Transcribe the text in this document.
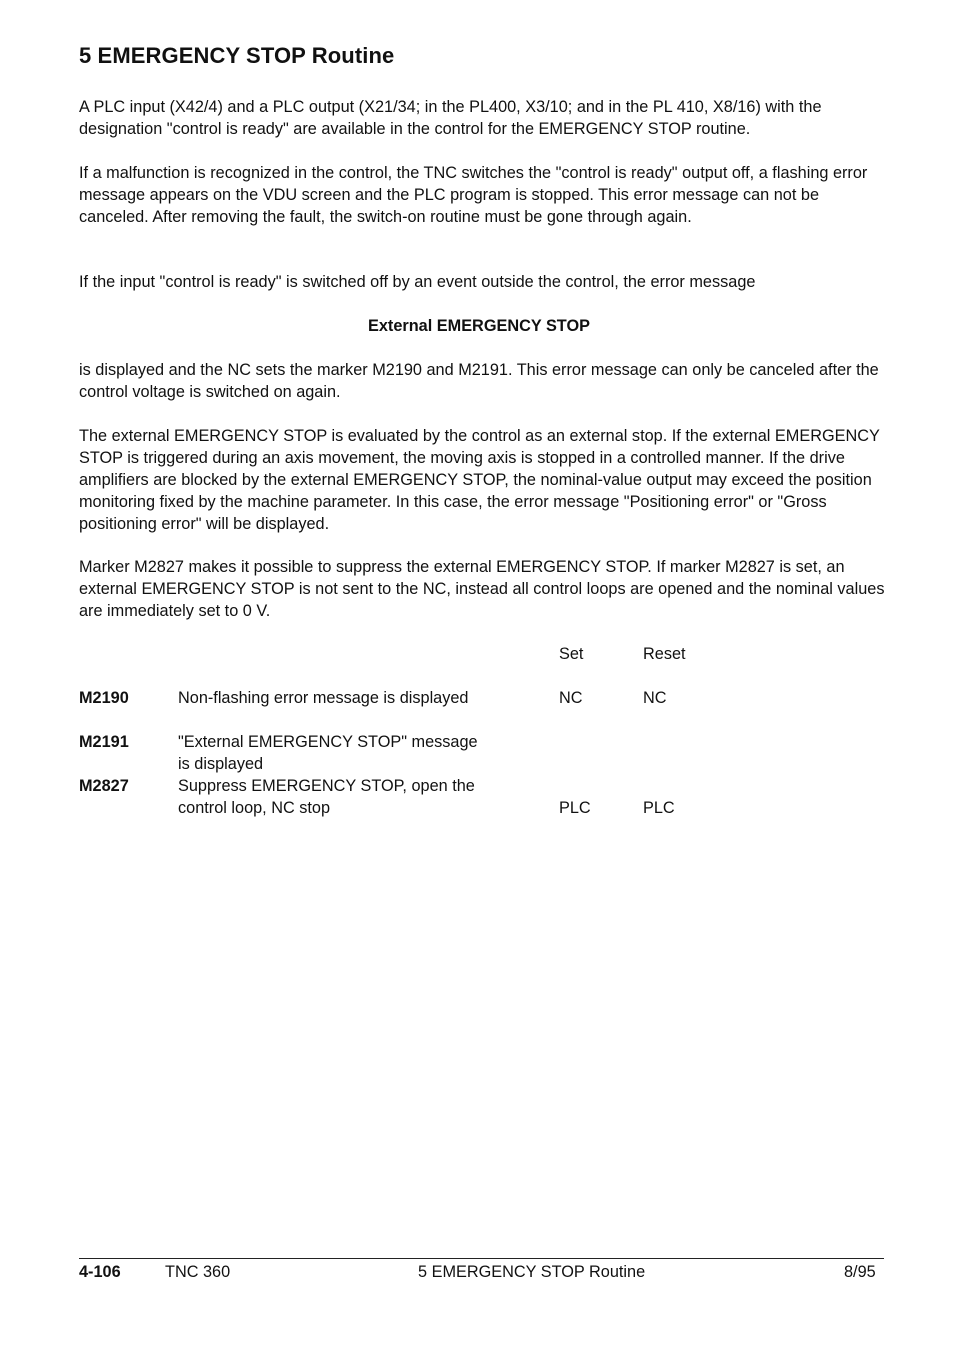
5 EMERGENCY STOP Routine

A PLC input (X42/4) and a PLC output (X21/34; in the PL400, X3/10; and in the PL 410, X8/16) with the designation "control is ready" are available in the control for the EMERGENCY STOP routine.

If a malfunction is recognized in the control, the TNC switches the "control is ready" output off, a flashing error message appears on the VDU screen and the PLC program is stopped. This error message can not be canceled. After removing the fault, the switch-on routine must be gone through again.

If the input "control is ready" is switched off by an event outside the control, the error message

External EMERGENCY STOP

is displayed and the NC sets the marker M2190 and M2191. This error message can only be canceled after the control voltage is switched on again.

The external EMERGENCY STOP is evaluated by the control as an external stop. If the external EMERGENCY STOP is triggered during an axis movement, the moving axis is stopped in a controlled manner. If the drive amplifiers are blocked by the external EMERGENCY STOP, the nominal-value output may exceed the position monitoring fixed by the machine parameter. In this case, the error message "Positioning error" or "Gross positioning error" will be displayed.

Marker M2827 makes it possible to suppress the external EMERGENCY STOP. If marker M2827 is set, an external EMERGENCY STOP is not sent to the NC, instead all control loops are opened and the nominal values are immediately set to 0 V.

Set	Reset
M2190	Non-flashing error message is displayed	NC	NC
M2191	"External EMERGENCY STOP" message
is displayed
M2827	Suppress EMERGENCY STOP, open the
control loop, NC stop	PLC	PLC
4-106	TNC 360	5 EMERGENCY STOP Routine	8/95
